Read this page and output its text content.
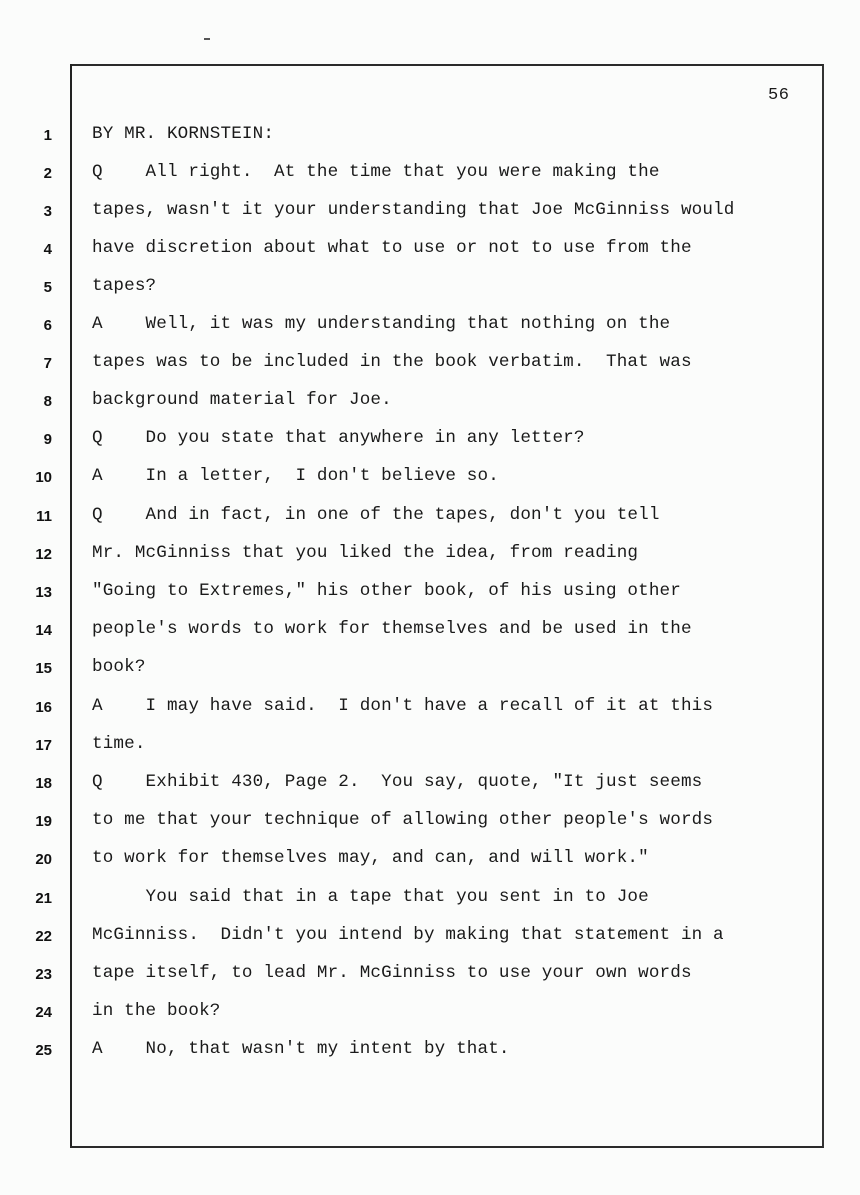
56
1 BY MR. KORNSTEIN:
2 Q    All right.  At the time that you were making the
3 tapes, wasn't it your understanding that Joe McGinniss would
4 have discretion about what to use or not to use from the
5 tapes?
6 A    Well, it was my understanding that nothing on the
7 tapes was to be included in the book verbatim.  That was
8 background material for Joe.
9 Q    Do you state that anywhere in any letter?
10 A    In a letter,  I don't believe so.
11 Q    And in fact, in one of the tapes, don't you tell
12 Mr. McGinniss that you liked the idea, from reading
13 "Going to Extremes," his other book, of his using other
14 people's words to work for themselves and be used in the
15 book?
16 A    I may have said.  I don't have a recall of it at this
17 time.
18 Q    Exhibit 430, Page 2.  You say, quote, "It just seems
19 to me that your technique of allowing other people's words
20 to work for themselves may, and can, and will work."
21 You said that in a tape that you sent in to Joe
22 McGinniss.  Didn't you intend by making that statement in a
23 tape itself, to lead Mr. McGinniss to use your own words
24 in the book?
25 A    No, that wasn't my intent by that.
